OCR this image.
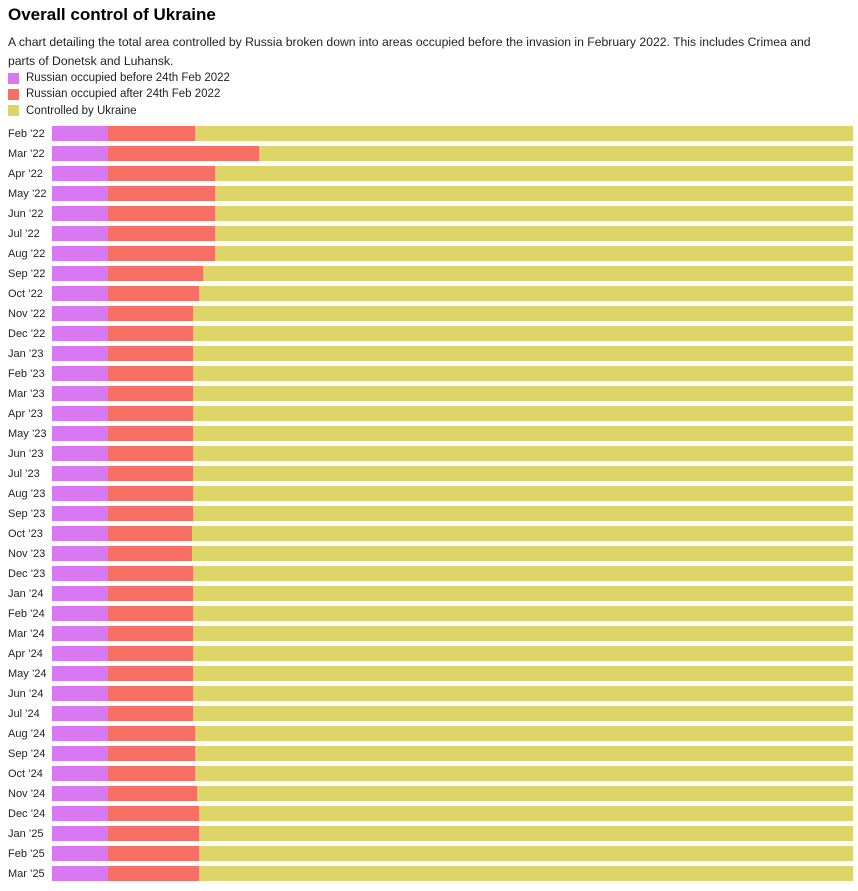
Overall control of Ukraine

A chart detailing the total area controlled by Russia broken down into areas occupied before the invasion in February 2022. This includes Crimea and parts of Donetsk and Luhansk.

Russian occupied before 24th Feb 2022
Russian occupied after 24th Feb 2022
Controlled by Ukraine
Feb ’22
Mar ’22
Apr ’22
May ’22
Jun ’22
Jul ’22
Aug ’22
Sep ’22
Oct ’22
Nov ’22
Dec ’22
Jan ’23
Feb ’23
Mar ’23
Apr ’23
May ’23
Jun ’23
Jul ’23
Aug ’23
Sep ’23
Oct ’23
Nov ’23
Dec ’23
Jan ’24
Feb ’24
Mar ’24
Apr ’24
May ’24
Jun ’24
Jul ’24
Aug ’24
Sep ’24
Oct ’24
Nov ’24
Dec ’24
Jan ’25
Feb ’25
Mar ’25
